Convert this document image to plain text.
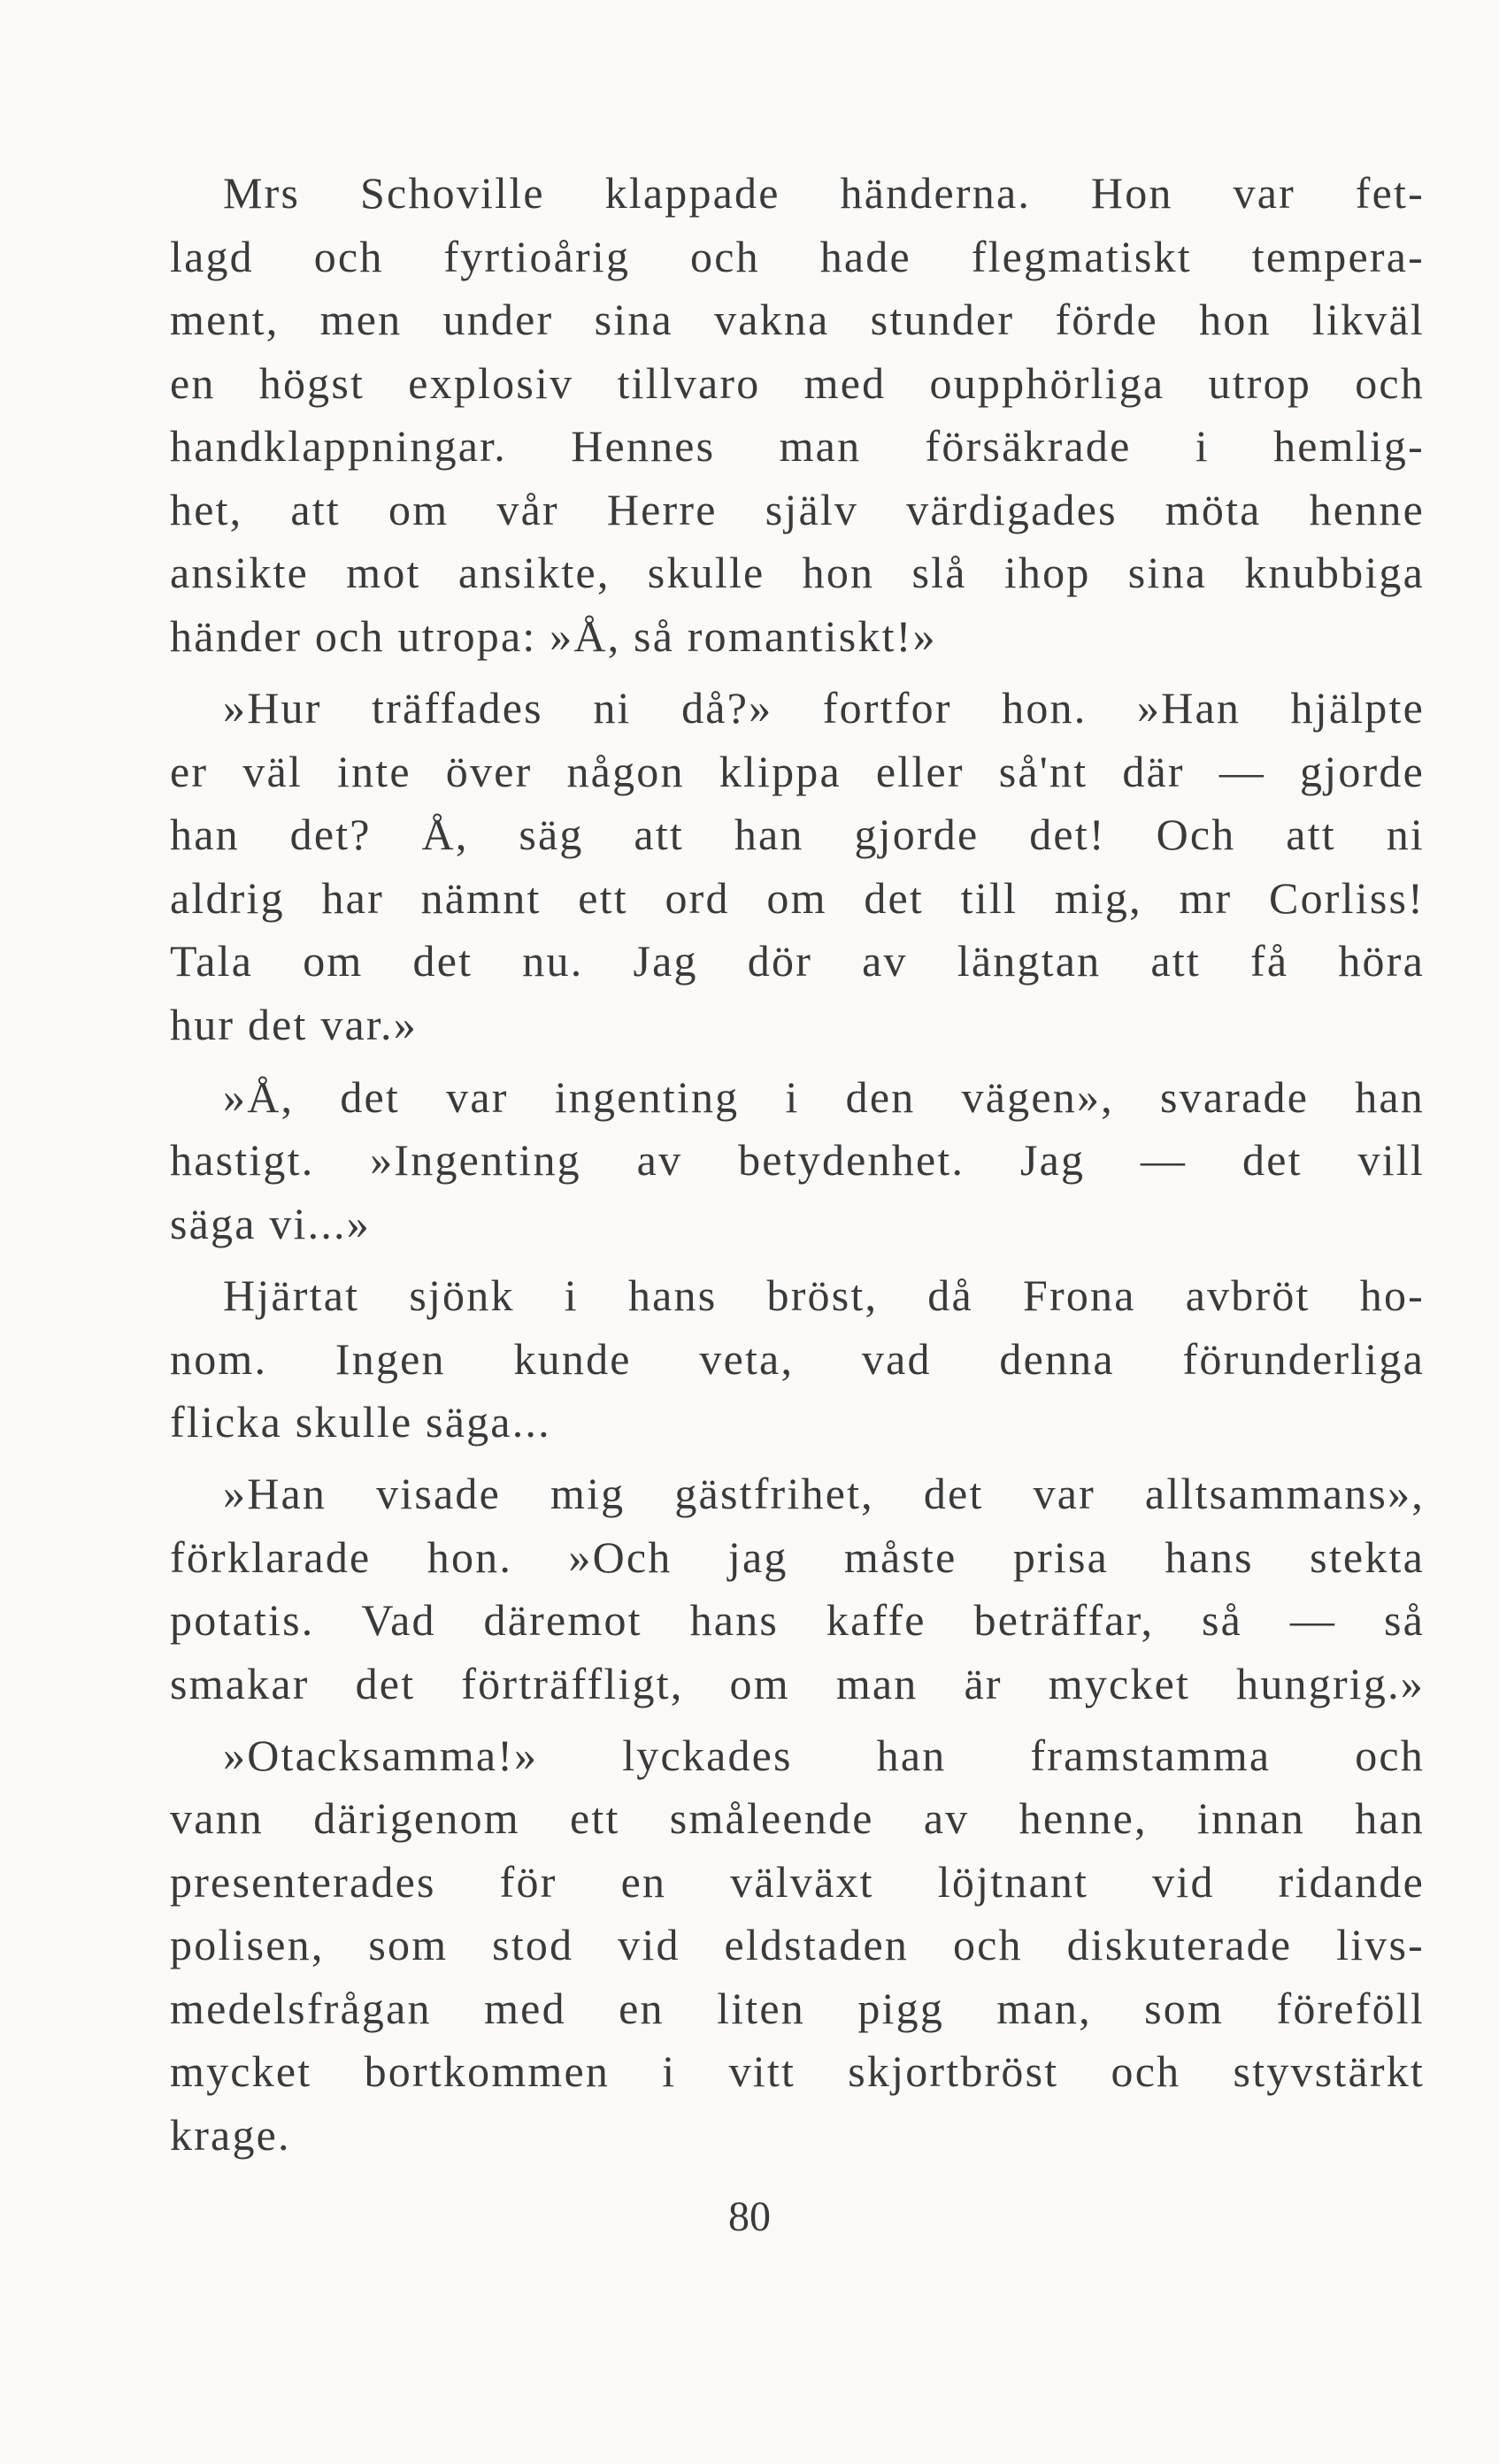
Mrs Schoville klappade händerna. Hon var fet-
lagd och fyrtioårig och hade flegmatiskt tempera-
ment, men under sina vakna stunder förde hon likväl
en högst explosiv tillvaro med oupphörliga utrop och
handklappningar. Hennes man försäkrade i hemlig-
het, att om vår Herre själv värdigades möta henne
ansikte mot ansikte, skulle hon slå ihop sina knubbiga
händer och utropa: »Å, så romantiskt!»
»Hur träffades ni då?» fortfor hon. »Han hjälpte
er väl inte över någon klippa eller så'nt där — gjorde
han det? Å, säg att han gjorde det! Och att ni
aldrig har nämnt ett ord om det till mig, mr Corliss!
Tala om det nu. Jag dör av längtan att få höra
hur det var.»
»Å, det var ingenting i den vägen», svarade han
hastigt. »Ingenting av betydenhet. Jag — det vill
säga vi...»
Hjärtat sjönk i hans bröst, då Frona avbröt ho-
nom. Ingen kunde veta, vad denna förunderliga
flicka skulle säga...
»Han visade mig gästfrihet, det var alltsammans»,
förklarade hon. »Och jag måste prisa hans stekta
potatis. Vad däremot hans kaffe beträffar, så — så
smakar det förträffligt, om man är mycket hungrig.»
»Otacksamma!» lyckades han framstamma och
vann därigenom ett småleende av henne, innan han
presenterades för en välväxt löjtnant vid ridande
polisen, som stod vid eldstaden och diskuterade livs-
medelsfrågan med en liten pigg man, som föreföll
mycket bortkommen i vitt skjortbröst och styvstärkt
krage.
80
